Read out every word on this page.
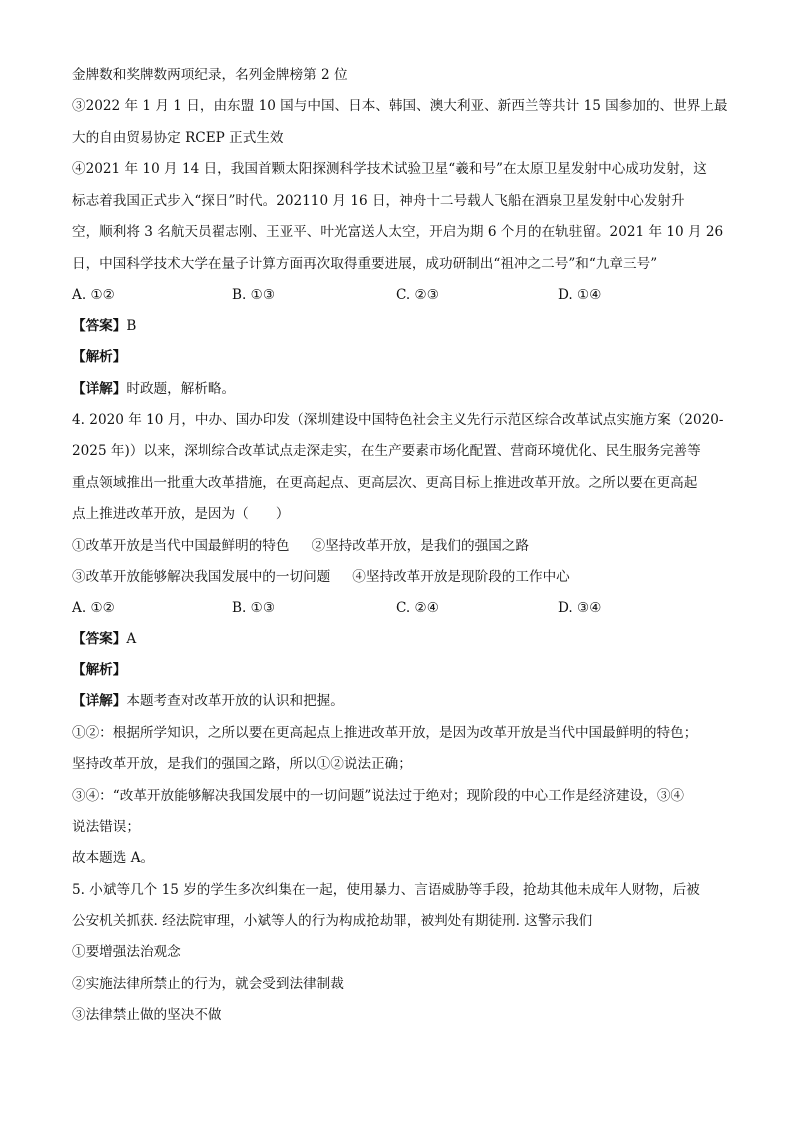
金牌数和奖牌数两项纪录，名列金牌榜第 2 位
③2022 年 1 月 1 日，由东盟 10 国与中国、日本、韩国、澳大利亚、新西兰等共计 15 国参加的、世界上最
大的自由贸易协定 RCEP 正式生效
④2021 年 10 月 14 日，我国首颗太阳探测科学技术试验卫星“羲和号”在太原卫星发射中心成功发射，这
标志着我国正式步入“探日”时代。202110 月 16 日，神舟十二号载人飞船在酒泉卫星发射中心发射升
空，顺利将 3 名航天员翟志刚、王亚平、叶光富送人太空，开启为期 6 个月的在轨驻留。2021 年 10 月 26
日，中国科学技术大学在量子计算方面再次取得重要进展，成功研制出“祖冲之二号”和“九章三号”
A. ①②	B. ①③	C. ②③	D. ①④
【答案】B
【解析】
【详解】时政题，解析略。
4. 2020 年 10 月，中办、国办印发（深圳建设中国特色社会主义先行示范区综合改革试点实施方案（2020-
2025 年)）以来，深圳综合改革试点走深走实，在生产要素市场化配置、营商环境优化、民生服务完善等
重点领域推出一批重大改革措施，在更高起点、更高层次、更高目标上推进改革开放。之所以要在更高起
点上推进改革开放，是因为（　　）
①改革开放是当代中国最鲜明的特色 ②坚持改革开放，是我们的强国之路
③改革开放能够解决我国发展中的一切问题 ④坚持改革开放是现阶段的工作中心
A. ①②	B. ①③	C. ②④	D. ③④
【答案】A
【解析】
【详解】本题考查对改革开放的认识和把握。
①②：根据所学知识，之所以要在更高起点上推进改革开放，是因为改革开放是当代中国最鲜明的特色；
坚持改革开放，是我们的强国之路，所以①②说法正确；
③④：“改革开放能够解决我国发展中的一切问题”说法过于绝对；现阶段的中心工作是经济建设，③④
说法错误；
故本题选 A。
5. 小斌等几个 15 岁的学生多次纠集在一起，使用暴力、言语威胁等手段，抢劫其他未成年人财物，后被
公安机关抓获. 经法院审理，小斌等人的行为构成抢劫罪，被判处有期徒刑. 这警示我们
①要增强法治观念
②实施法律所禁止的行为，就会受到法律制裁
③法律禁止做的坚决不做
